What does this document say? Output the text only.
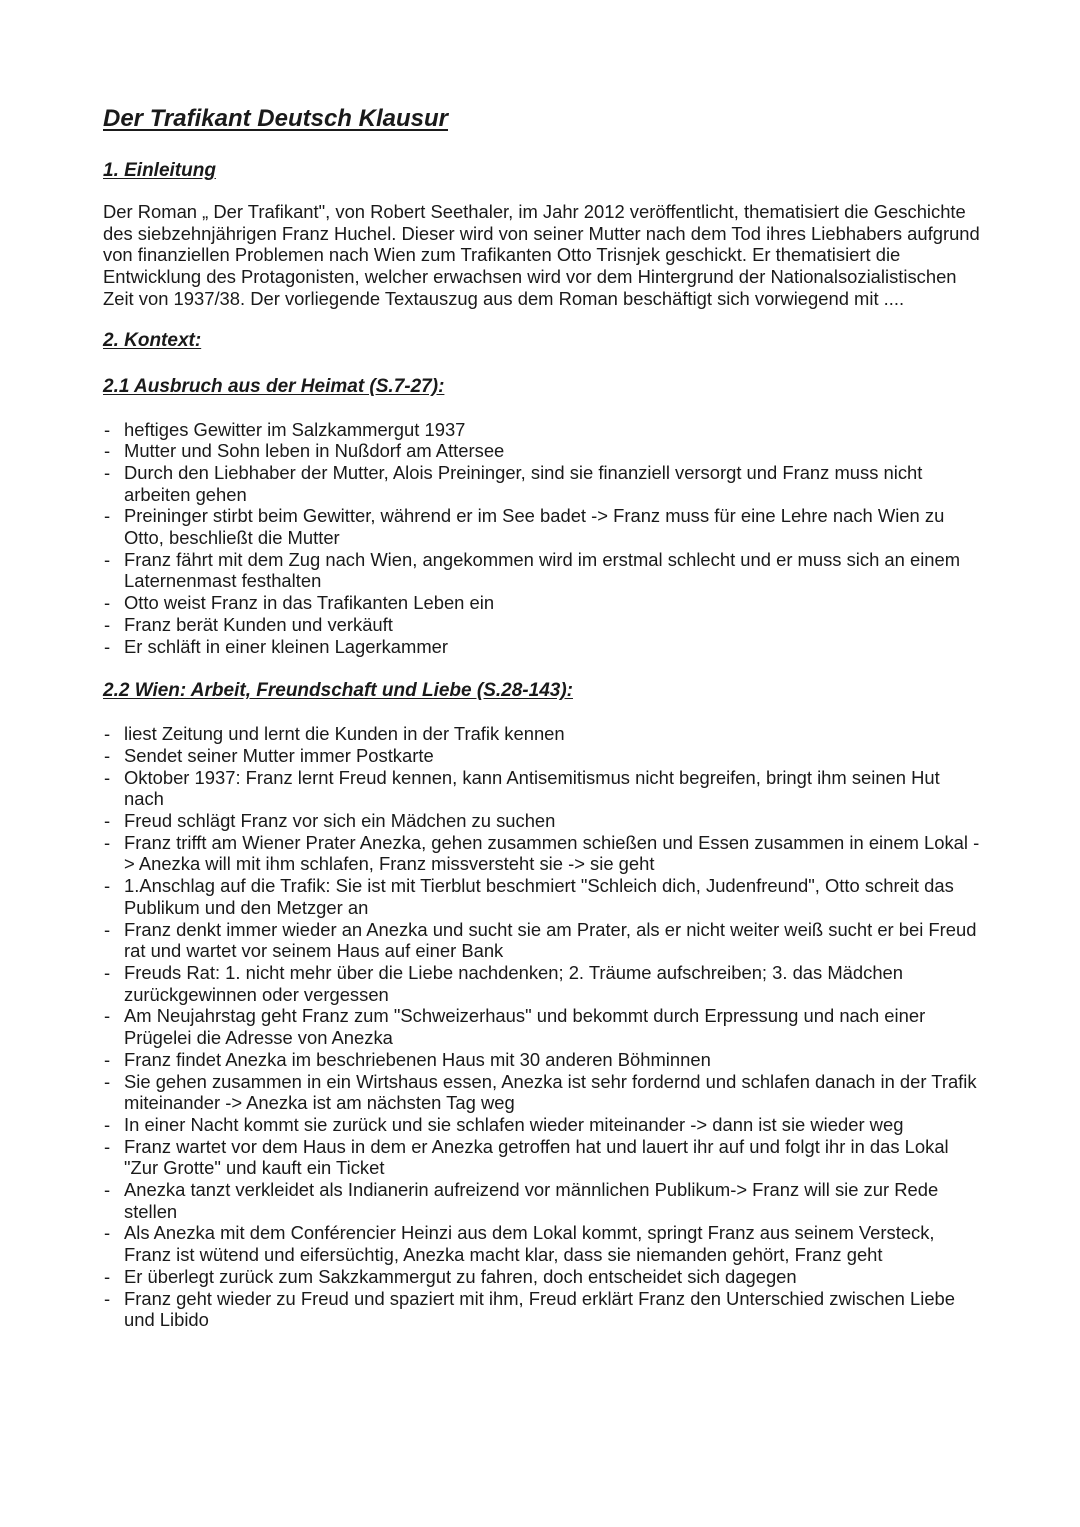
Der Trafikant Deutsch Klausur
1. Einleitung

Der Roman „ Der Trafikant", von Robert Seethaler, im Jahr 2012 veröffentlicht, thematisiert die Geschichte des siebzehnjährigen Franz Huchel. Dieser wird von seiner Mutter nach dem Tod ihres Liebhabers aufgrund von finanziellen Problemen nach Wien zum Trafikanten Otto Trisnjek geschickt. Er thematisiert die Entwicklung des Protagonisten, welcher erwachsen wird vor dem Hintergrund der Nationalsozialistischen Zeit von 1937/38. Der vorliegende Textauszug aus dem Roman beschäftigt sich vorwiegend mit ....

2. Kontext:
2.1 Ausbruch aus der Heimat (S.7-27):
- heftiges Gewitter im Salzkammergut 1937
- Mutter und Sohn leben in Nußdorf am Attersee
- Durch den Liebhaber der Mutter, Alois Preininger, sind sie finanziell versorgt und Franz muss nicht arbeiten gehen
- Preininger stirbt beim Gewitter, während er im See badet -> Franz muss für eine Lehre nach Wien zu Otto, beschließt die Mutter
- Franz fährt mit dem Zug nach Wien, angekommen wird im erstmal schlecht und er muss sich an einem Laternenmast festhalten
- Otto weist Franz in das Trafikanten Leben ein
- Franz berät Kunden und verkäuft
- Er schläft in einer kleinen Lagerkammer
2.2 Wien: Arbeit, Freundschaft und Liebe (S.28-143):
- liest Zeitung und lernt die Kunden in der Trafik kennen
- Sendet seiner Mutter immer Postkarte
- Oktober 1937: Franz lernt Freud kennen, kann Antisemitismus nicht begreifen, bringt ihm seinen Hut nach
- Freud schlägt Franz vor sich ein Mädchen zu suchen
- Franz trifft am Wiener Prater Anezka, gehen zusammen schießen und Essen zusammen in einem Lokal -> Anezka will mit ihm schlafen, Franz missversteht sie -> sie geht
- 1.Anschlag auf die Trafik: Sie ist mit Tierblut beschmiert "Schleich dich, Judenfreund", Otto schreit das Publikum und den Metzger an
- Franz denkt immer wieder an Anezka und sucht sie am Prater, als er nicht weiter weiß sucht er bei Freud rat und wartet vor seinem Haus auf einer Bank
- Freuds Rat: 1. nicht mehr über die Liebe nachdenken; 2. Träume aufschreiben; 3. das Mädchen zurückgewinnen oder vergessen
- Am Neujahrstag geht Franz zum "Schweizerhaus" und bekommt durch Erpressung und nach einer Prügelei die Adresse von Anezka
- Franz findet Anezka im beschriebenen Haus mit 30 anderen Böhminnen
- Sie gehen zusammen in ein Wirtshaus essen, Anezka ist sehr fordernd und schlafen danach in der Trafik miteinander -> Anezka ist am nächsten Tag weg
- In einer Nacht kommt sie zurück und sie schlafen wieder miteinander -> dann ist sie wieder weg
- Franz wartet vor dem Haus in dem er Anezka getroffen hat und lauert ihr auf und folgt ihr in das Lokal "Zur Grotte" und kauft ein Ticket
- Anezka tanzt verkleidet als Indianerin aufreizend vor männlichen Publikum-> Franz will sie zur Rede stellen
- Als Anezka mit dem Conférencier Heinzi aus dem Lokal kommt, springt Franz aus seinem Versteck, Franz ist wütend und eifersüchtig, Anezka macht klar, dass sie niemanden gehört, Franz geht
- Er überlegt zurück zum Sakzkammergut zu fahren, doch entscheidet sich dagegen
- Franz geht wieder zu Freud und spaziert mit ihm, Freud erklärt Franz den Unterschied zwischen Liebe und Libido
